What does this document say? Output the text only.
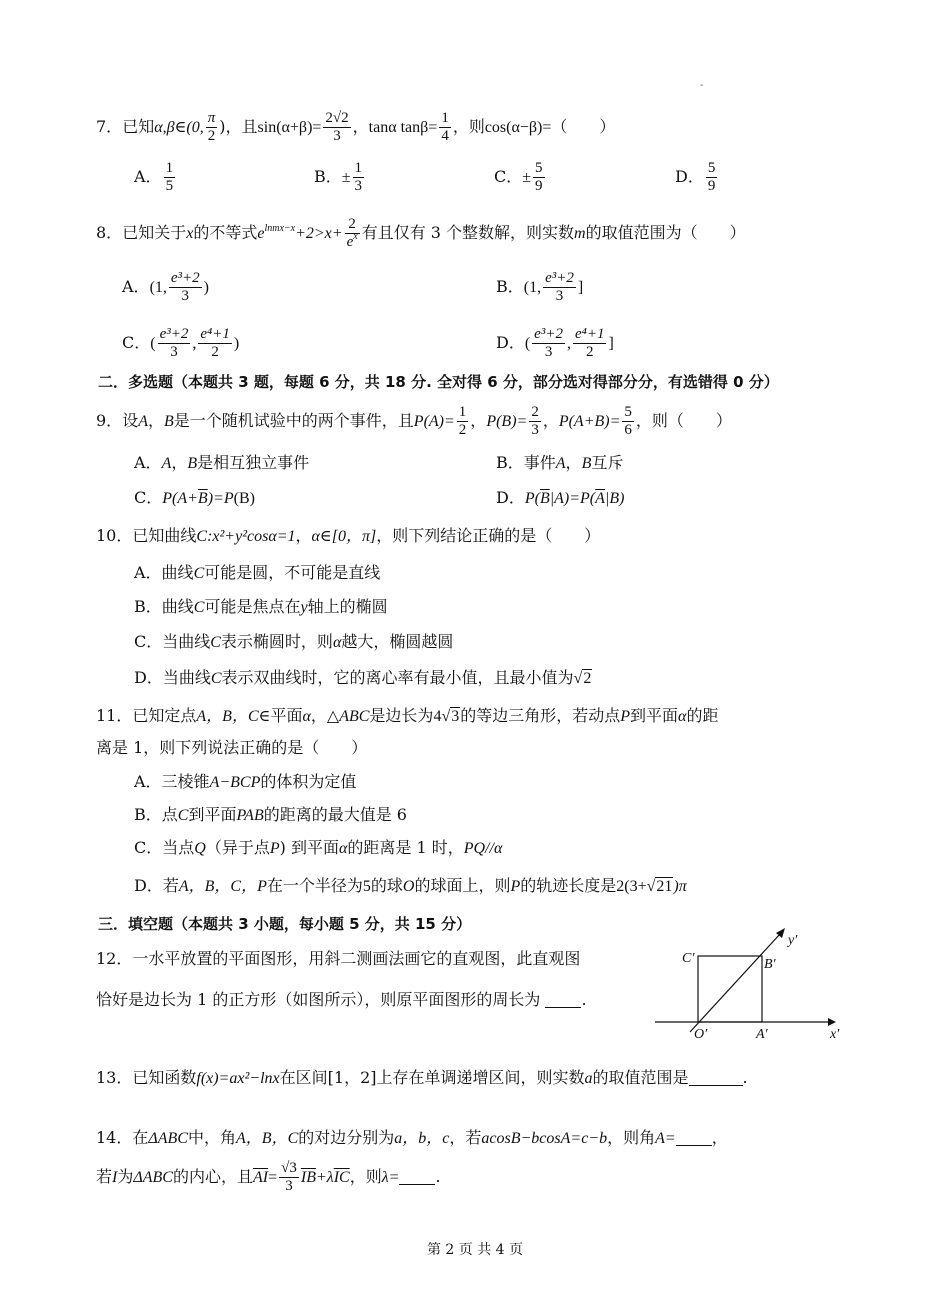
-
7．已知α,β∈(0, $\frac{\pi}{2}$ )，且$\sin(\alpha+\beta)= \frac{2√2}{3}$ ，tanα $\tan\beta= \frac{1}{4}$ ，则cos(α−β)=（　　）
A． $\frac{1}{5}$	B．± $\frac{1}{3}$	C．± $\frac{5}{9}$	D． $\frac{5}{9}$
8．已知关于x的不等式$e^{lnmx-x}+2>x+ \frac{2}{e^x}$ 有且仅有 3 个整数解，则实数m的取值范围为（　　）
A．(1, $\frac{\text{e³+2}}{3}$ )	B．(1, $\frac{\text{e³+2}}{3}$ ]
C．( $\frac{\text{e³+2}}{3}$ , $\frac{\text{e⁴+1}}{2}$ )	D．( $\frac{\text{e³+2}}{3}$ , $\frac{\text{e⁴+1}}{2}$ ]
二．多选题（本题共 3 题，每题 6 分，共 18 分. 全对得 6 分，部分选对得部分分，有选错得 0 分）
9．设A，B是一个随机试验中的两个事件，且$P(A)= \frac{1}{2}$ ，$P(B)= \frac{2}{3}$ ，$P(A+B)= \frac{5}{6}$ ，则（　　）
A．A，B是相互独立事件	B．事件A，B互斥
C．$P(A+\overline{B})=P(B)$	D．$P(\overline{B}|A)=P(\overline{A}|B)$
10．已知曲线C:x²+y²cosα=1，α∈[0，π]，则下列结论正确的是（　　）
A．曲线C可能是圆，不可能是直线
B．曲线C可能是焦点在y轴上的椭圆
C．当曲线C表示椭圆时，则α越大，椭圆越圆
D．当曲线C表示双曲线时，它的离心率有最小值，且最小值为√2
11．已知定点A，B，C∈平面α，△ABC是边长为4√3的等边三角形，若动点P到平面α的距
离是 1，则下列说法正确的是（　　）
A．三棱锥A−BCP的体积为定值
B．点C到平面PAB的距离的最大值是 6
C．当点Q（异于点P) 到平面α的距离是 1 时，PQ//α
D．若A，B，C，P在一个半径为5的球O的球面上，则P的轨迹长度是2(3+√21)π
三．填空题（本题共 3 小题，每小题 5 分，共 15 分）
12．一水平放置的平面图形，用斜二测画法画它的直观图，此直观图
恰好是边长为 1 的正方形（如图所示），则原平面图形的周长为	.
C′	B′
O′	A′	x′
y′
13．已知函数f(x)=ax²−lnx在区间[1，2]上存在单调递增区间，则实数a的取值范围是	.
14．在ΔABC中，角A，B，C的对边分别为a，b，c，若acosB−bcosA=c−b，则角A= ，
若I为ΔABC的内心，且$\overline{AI}= \frac{√3}{3} \overline{IB}+\lambda\overline{IC}$，则λ= .
第 2 页 共 4 页
